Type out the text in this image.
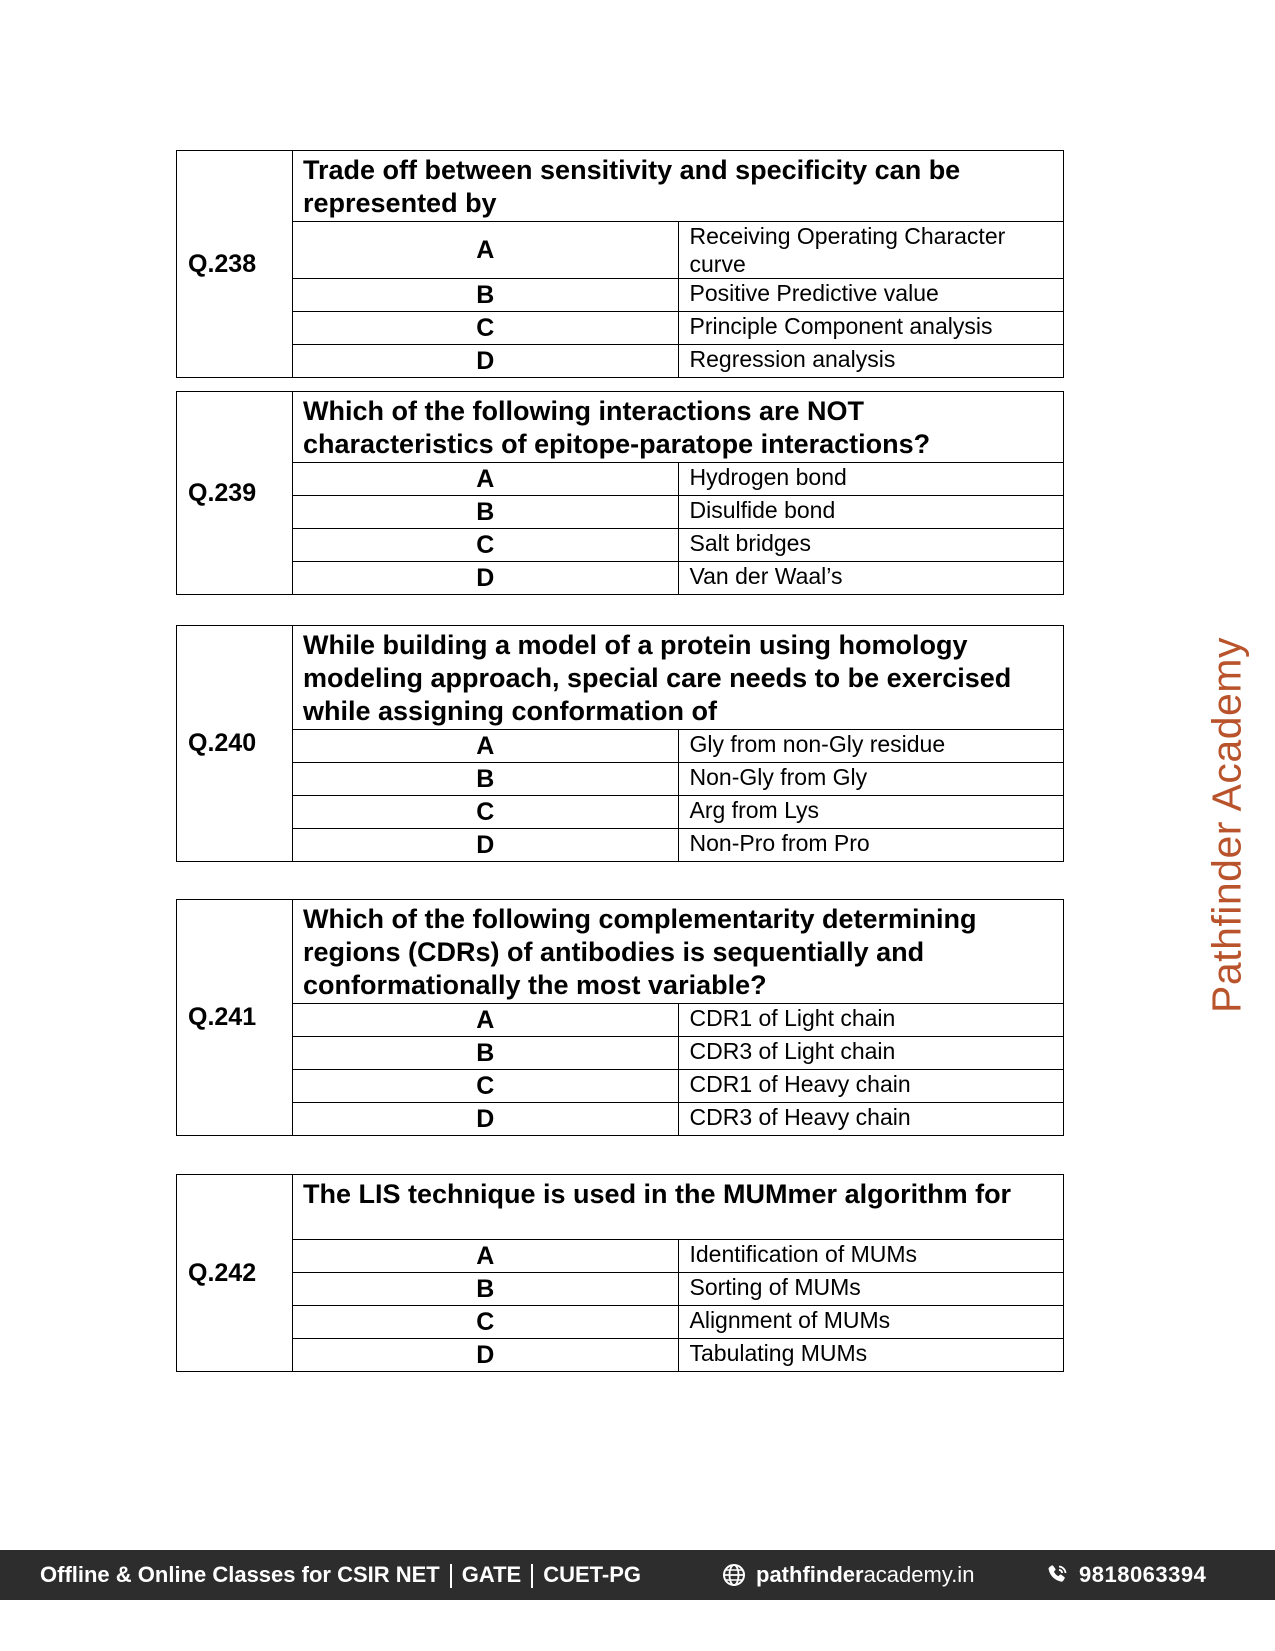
Q.238	Trade off between sensitivity and specificity can be represented by	
	A	Receiving Operating Character curve
	B	Positive Predictive value
	C	Principle Component analysis
	D	Regression analysis
Q.239	Which of the following interactions are NOT characteristics of epitope-paratope interactions?	
	A	Hydrogen bond
	B	Disulfide bond
	C	Salt bridges
	D	Van der Waal’s
Q.240	While building a model of a protein using homology modeling approach, special care needs to be exercised while assigning conformation of	
	A	Gly from non-Gly residue
	B	Non-Gly from Gly
	C	Arg from Lys
	D	Non-Pro from Pro
Q.241	Which of the following complementarity determining regions (CDRs) of antibodies is sequentially and conformationally the most variable?	
	A	CDR1 of Light chain
	B	CDR3 of Light chain
	C	CDR1 of Heavy chain
	D	CDR3 of Heavy chain
Q.242	The LIS technique is used in the MUMmer algorithm for	
	A	Identification of MUMs
	B	Sorting of MUMs
	C	Alignment of MUMs
	D	Tabulating MUMs
Pathfinder Academy
Offline & Online Classes for CSIR NET GATE CUET-PG	pathfinderacademy.in	9818063394
